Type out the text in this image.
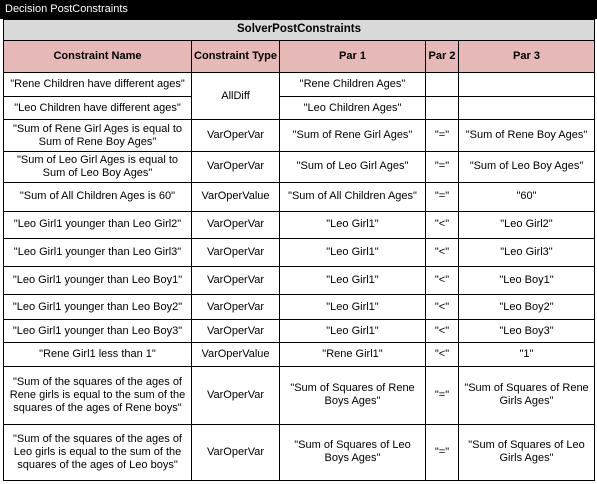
Decision PostConstraints
SolverPostConstraints				
Constraint Name	Constraint Type	Par 1	Par 2	Par 3
"Rene Children have different ages"	AllDiff	"Rene Children Ages"		
"Leo Children have different ages"		"Leo Children Ages"		
"Sum of Rene Girl Ages is equal to Sum of Rene Boy Ages"	VarOperVar	"Sum of Rene Girl Ages"	"="	"Sum of Rene Boy Ages"
"Sum of Leo Girl Ages is equal to Sum of Leo Boy Ages"	VarOperVar	"Sum of Leo Girl Ages"	"="	"Sum of Leo Boy Ages"
"Sum of All Children Ages is 60"	VarOperValue	"Sum of All Children Ages"	"="	"60"
"Leo Girl1 younger than Leo Girl2"	VarOperVar	"Leo Girl1"	"<"	"Leo Girl2"
"Leo Girl1 younger than Leo Girl3"	VarOperVar	"Leo Girl1"	"<"	"Leo Girl3"
"Leo Girl1 younger than Leo Boy1"	VarOperVar	"Leo Girl1"	"<"	"Leo Boy1"
"Leo Girl1 younger than Leo Boy2"	VarOperVar	"Leo Girl1"	"<"	"Leo Boy2"
"Leo Girl1 younger than Leo Boy3"	VarOperVar	"Leo Girl1"	"<"	"Leo Boy3"
"Rene Girl1 less than 1"	VarOperValue	"Rene Girl1"	"<"	"1"
"Sum of the squares of the ages of Rene girls is equal to the sum of the squares of the ages of Rene boys"	VarOperVar	"Sum of Squares of Rene Boys Ages"	"="	"Sum of Squares of Rene Girls Ages"
"Sum of the squares of the ages of Leo girls is equal to the sum of the squares of the ages of Leo boys"	VarOperVar	"Sum of Squares of Leo Boys Ages"	"="	"Sum of Squares of Leo Girls Ages"
